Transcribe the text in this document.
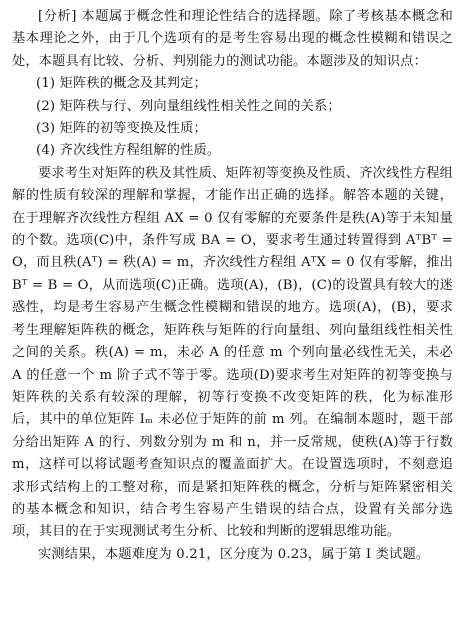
[分析] 本题属于概念性和理论性结合的选择题。除了考核基本概念和基本理论之外，由于几个选项有的是考生容易出现的概念性模糊和错误之处，本题具有比较、分析、判别能力的测试功能。本题涉及的知识点：

(1) 矩阵秩的概念及其判定；

(2) 矩阵秩与行、列向量组线性相关性之间的关系；

(3) 矩阵的初等变换及性质；

(4) 齐次线性方程组解的性质。

要求考生对矩阵的秩及其性质、矩阵初等变换及性质、齐次线性方程组解的性质有较深的理解和掌握，才能作出正确的选择。解答本题的关键，在于理解齐次线性方程组 AX = 0 仅有零解的充要条件是秩(A)等于未知量的个数。选项(C)中，条件写成 BA = O，要求考生通过转置得到 AᵀBᵀ = O，而且秩(Aᵀ) = 秩(A) = m，齐次线性方程组 AᵀX = 0 仅有零解，推出 Bᵀ = B = O，从而选项(C)正确。选项(A)，(B)，(C)的设置具有较大的迷惑性，均是考生容易产生概念性模糊和错误的地方。选项(A)，(B)，要求考生理解矩阵秩的概念，矩阵秩与矩阵的行向量组、列向量组线性相关性之间的关系。秩(A) = m，未必 A 的任意 m 个列向量必线性无关，未必 A 的任意一个 m 阶子式不等于零。选项(D)要求考生对矩阵的初等变换与矩阵秩的关系有较深的理解，初等行变换不改变矩阵的秩，化为标准形后，其中的单位矩阵 Iₘ 未必位于矩阵的前 m 列。在编制本题时，题干部分给出矩阵 A 的行、列数分别为 m 和 n，并一反常规，使秩(A)等于行数 m，这样可以将试题考查知识点的覆盖面扩大。在设置选项时，不刻意追求形式结构上的工整对称，而是紧扣矩阵秩的概念，分析与矩阵紧密相关的基本概念和知识，结合考生容易产生错误的结合点，设置有关部分选项，其目的在于实现测试考生分析、比较和判断的逻辑思维功能。

实测结果，本题难度为 0.21，区分度为 0.23，属于第 I 类试题。
